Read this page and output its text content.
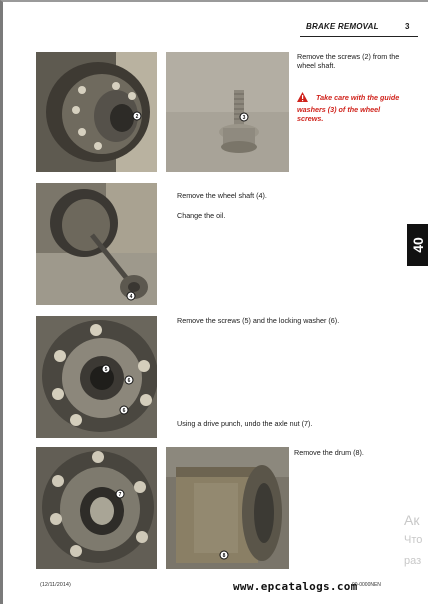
BRAKE REMOVAL	3
Remove the screws (2) from the wheel shaft.
Take care with the guide washers (3) of the wheel screws.
Remove the wheel shaft (4).
Change the oil.
40
Remove the screws (5) and the locking washer (6).
Using a drive punch, undo the axle nut (7).
Remove the drum (8).
2	3
4
5
6
6
7
8
Ак
Что
раз
(12/11/2014)	90-0000NEN
www.epcatalogs.com
